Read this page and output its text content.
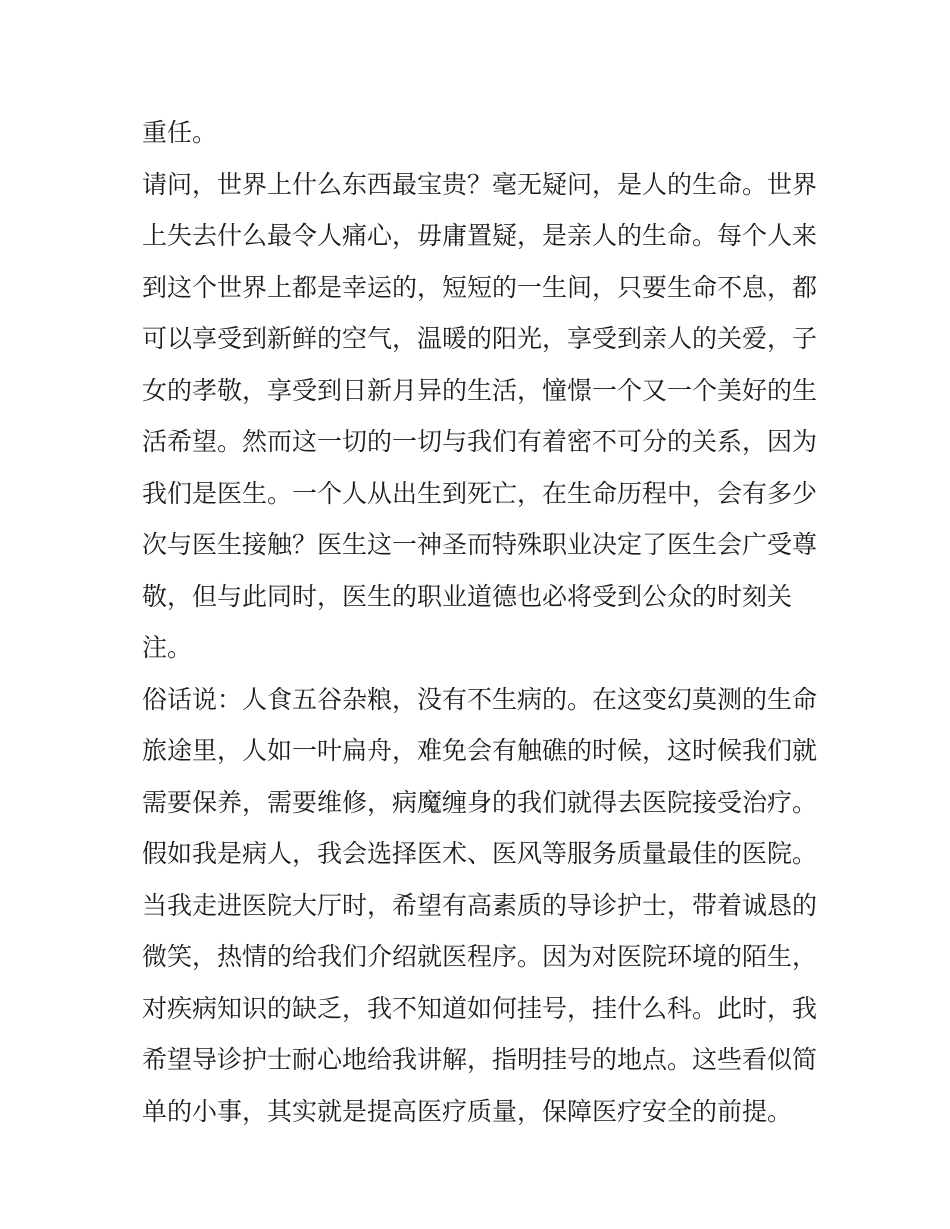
重任。
请问，世界上什么东西最宝贵？毫无疑问，是人的生命。世界
上失去什么最令人痛心，毋庸置疑，是亲人的生命。每个人来
到这个世界上都是幸运的，短短的一生间，只要生命不息，都
可以享受到新鲜的空气，温暖的阳光，享受到亲人的关爱，子
女的孝敬，享受到日新月异的生活，憧憬一个又一个美好的生
活希望。然而这一切的一切与我们有着密不可分的关系，因为
我们是医生。一个人从出生到死亡，在生命历程中，会有多少
次与医生接触？医生这一神圣而特殊职业决定了医生会广受尊
敬，但与此同时，医生的职业道德也必将受到公众的时刻关
注。
俗话说：人食五谷杂粮，没有不生病的。在这变幻莫测的生命
旅途里，人如一叶扁舟，难免会有触礁的时候，这时候我们就
需要保养，需要维修，病魔缠身的我们就得去医院接受治疗。
假如我是病人，我会选择医术、医风等服务质量最佳的医院。
当我走进医院大厅时，希望有高素质的导诊护士，带着诚恳的
微笑，热情的给我们介绍就医程序。因为对医院环境的陌生，
对疾病知识的缺乏，我不知道如何挂号，挂什么科。此时，我
希望导诊护士耐心地给我讲解，指明挂号的地点。这些看似简
单的小事，其实就是提高医疗质量，保障医疗安全的前提。
